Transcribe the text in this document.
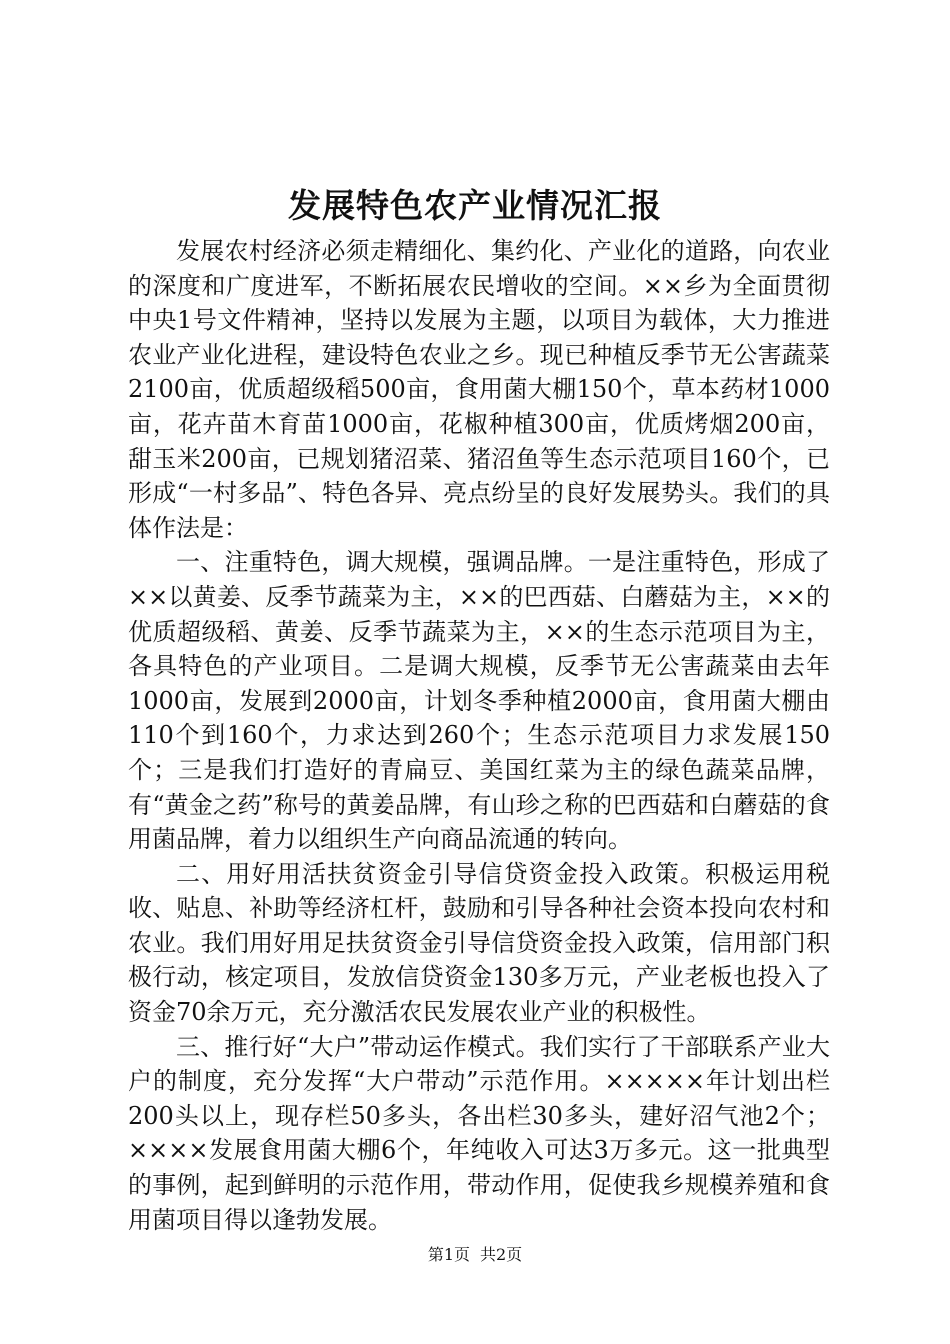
发展特色农产业情况汇报

发展农村经济必须走精细化、集约化、产业化的道路，向农业的深度和广度进军，不断拓展农民增收的空间。××乡为全面贯彻中央1号文件精神，坚持以发展为主题，以项目为载体，大力推进农业产业化进程，建设特色农业之乡。现已种植反季节无公害蔬菜2100亩，优质超级稻500亩，食用菌大棚150个，草本药材1000亩，花卉苗木育苗1000亩，花椒种植300亩，优质烤烟200亩，甜玉米200亩，已规划猪沼菜、猪沼鱼等生态示范项目160个，已形成“一村多品”、特色各异、亮点纷呈的良好发展势头。我们的具体作法是：

一、注重特色，调大规模，强调品牌。一是注重特色，形成了××以黄姜、反季节蔬菜为主，××的巴西菇、白蘑菇为主，××的优质超级稻、黄姜、反季节蔬菜为主，××的生态示范项目为主，各具特色的产业项目。二是调大规模，反季节无公害蔬菜由去年1000亩，发展到2000亩，计划冬季种植2000亩，食用菌大棚由110个到160个，力求达到260个；生态示范项目力求发展150个；三是我们打造好的青扁豆、美国红菜为主的绿色蔬菜品牌，有“黄金之药”称号的黄姜品牌，有山珍之称的巴西菇和白蘑菇的食用菌品牌，着力以组织生产向商品流通的转向。

二、用好用活扶贫资金引导信贷资金投入政策。积极运用税收、贴息、补助等经济杠杆，鼓励和引导各种社会资本投向农村和农业。我们用好用足扶贫资金引导信贷资金投入政策，信用部门积极行动，核定项目，发放信贷资金130多万元，产业老板也投入了资金70余万元，充分激活农民发展农业产业的积极性。

三、推行好“大户”带动运作模式。我们实行了干部联系产业大户的制度，充分发挥“大户带动”示范作用。×××××年计划出栏200头以上，现存栏50多头，各出栏30多头，建好沼气池2个；××××发展食用菌大棚6个，年纯收入可达3万多元。这一批典型的事例，起到鲜明的示范作用，带动作用，促使我乡规模养殖和食用菌项目得以逢勃发展。

第1页 共2页
